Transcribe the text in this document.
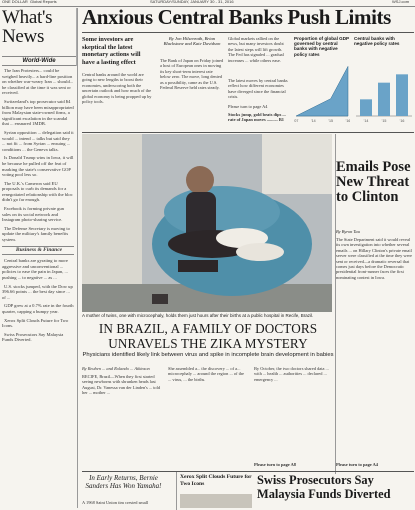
ONE DOLLAR Global Reports	SATURDAY/SUNDAY, JANUARY 30 - 31, 2016	WSJ.com
What's
News
World-Wide

The Iran Protesters... could be weighed heavily... a hard-line position on whether war-weary Iran ... should... be classified at the time it was sent or received.

Switzerland's top prosecutor said $4 billion may have been misappropriated from Malaysian state-owned firms, a significant escalation in the scandal that ... ensnared 1MDB.

Syrian opposition ... delegation said it would ... intend ... talks but said they ... not fit ... from Syrian ... ensuing ... conditions ... the Geneva talks.

Is Donald Trump wins in Iowa, it will be because he pulled off the feat of marking the state's conservative GOP voting pool less so.

The U.K.'s Cameron said EU proposals to curb its demands for a renegotiated relationship with the bloc didn't go far enough.

Facebook is forming private gun sales on its social network and Instagram photo-sharing service.

The Defense Secretary is moving to update the military's family benefits system.

Business & Finance

Central banks are gyrating to more aggressive and unconventional ... policies to ease the pain in Japan, ... pushing ... to negative ... as ...

U.S. stocks jumped, with the Dow up 396.66 points ... the best day since ... of ...

GDP grew at a 0.7% rate in the fourth quarter, capping a bumpy year.

Xerox Split Clouds Future for Two Icons.

Swiss Prosecutors Say Malaysia Funds Diverted.

Anxious Central Banks Push Limits
Some investors are skeptical the latest monetary actions will have a lasting effect
Central banks around the world are going to new lengths to boost their economies, underscoring both the uncertain outlook and how much of the global economy is being propped up by policy tools.
By Jon Hilsenrath, Brian Blackstone and Kate Davidson
The Bank of Japan on Friday joined a host of European ones in moving its key short-term interest rate below zero. The move, long denied as a possibility, came as the U.S. Federal Reserve held rates steady.
Global markets rallied on the news, but many investors doubt the latest steps will lift growth. The Fed has signaled ... gradual increases ... while others ease.
The latest moves by central banks reflect how different economies have diverged since the financial crisis.
Please turn to page A4
Stocks jump, gold beats dips ... rate of Japan moves .......... B1
Proportion of global GDP governed by central banks with negative policy rates
'07	'14	'15	'16
Central banks with negative policy rates
'14	'15	'16
A mother of twins, one with microcephaly, holds them just hours after their births at a public hospital in Recife, Brazil.
IN BRAZIL, A FAMILY OF DOCTORS UNRAVELS THE ZIKA MYSTERY
Physicians identified likely link between virus and spike in incomplete brain development in babies
By Reuben ... and Rolando ... Atkinson
RECIFE, Brazil—When they first started seeing newborns with shrunken heads last August, Dr. Vanessa van der Linden's ... told her ... mother ...
She assembled a... the discovery ... of a... microcephaly ... around the region ... of the ... virus, ... the births.
By October, the two doctors shared data ... with ... health ... authorities ... declared ... emergency ...
Please turn to page A8
Emails Pose New Threat to Clinton
By Byron Tau
The State Department said it would reveal its own investigation into whether several emails ... on Hillary Clinton's private email server were classified at the time they were sent or received—a dramatic reversal that comes just days before the Democratic presidential front-runner faces the first nominating contest in Iowa.
Please turn to page A4
In Early Returns, Bernie Sanders Has Won Yamaha!
A 1968 Saint Union tim crested small
Xerox Split Clouds Future for Two Icons	Swiss Prosecutors Say Malaysia Funds Diverted
